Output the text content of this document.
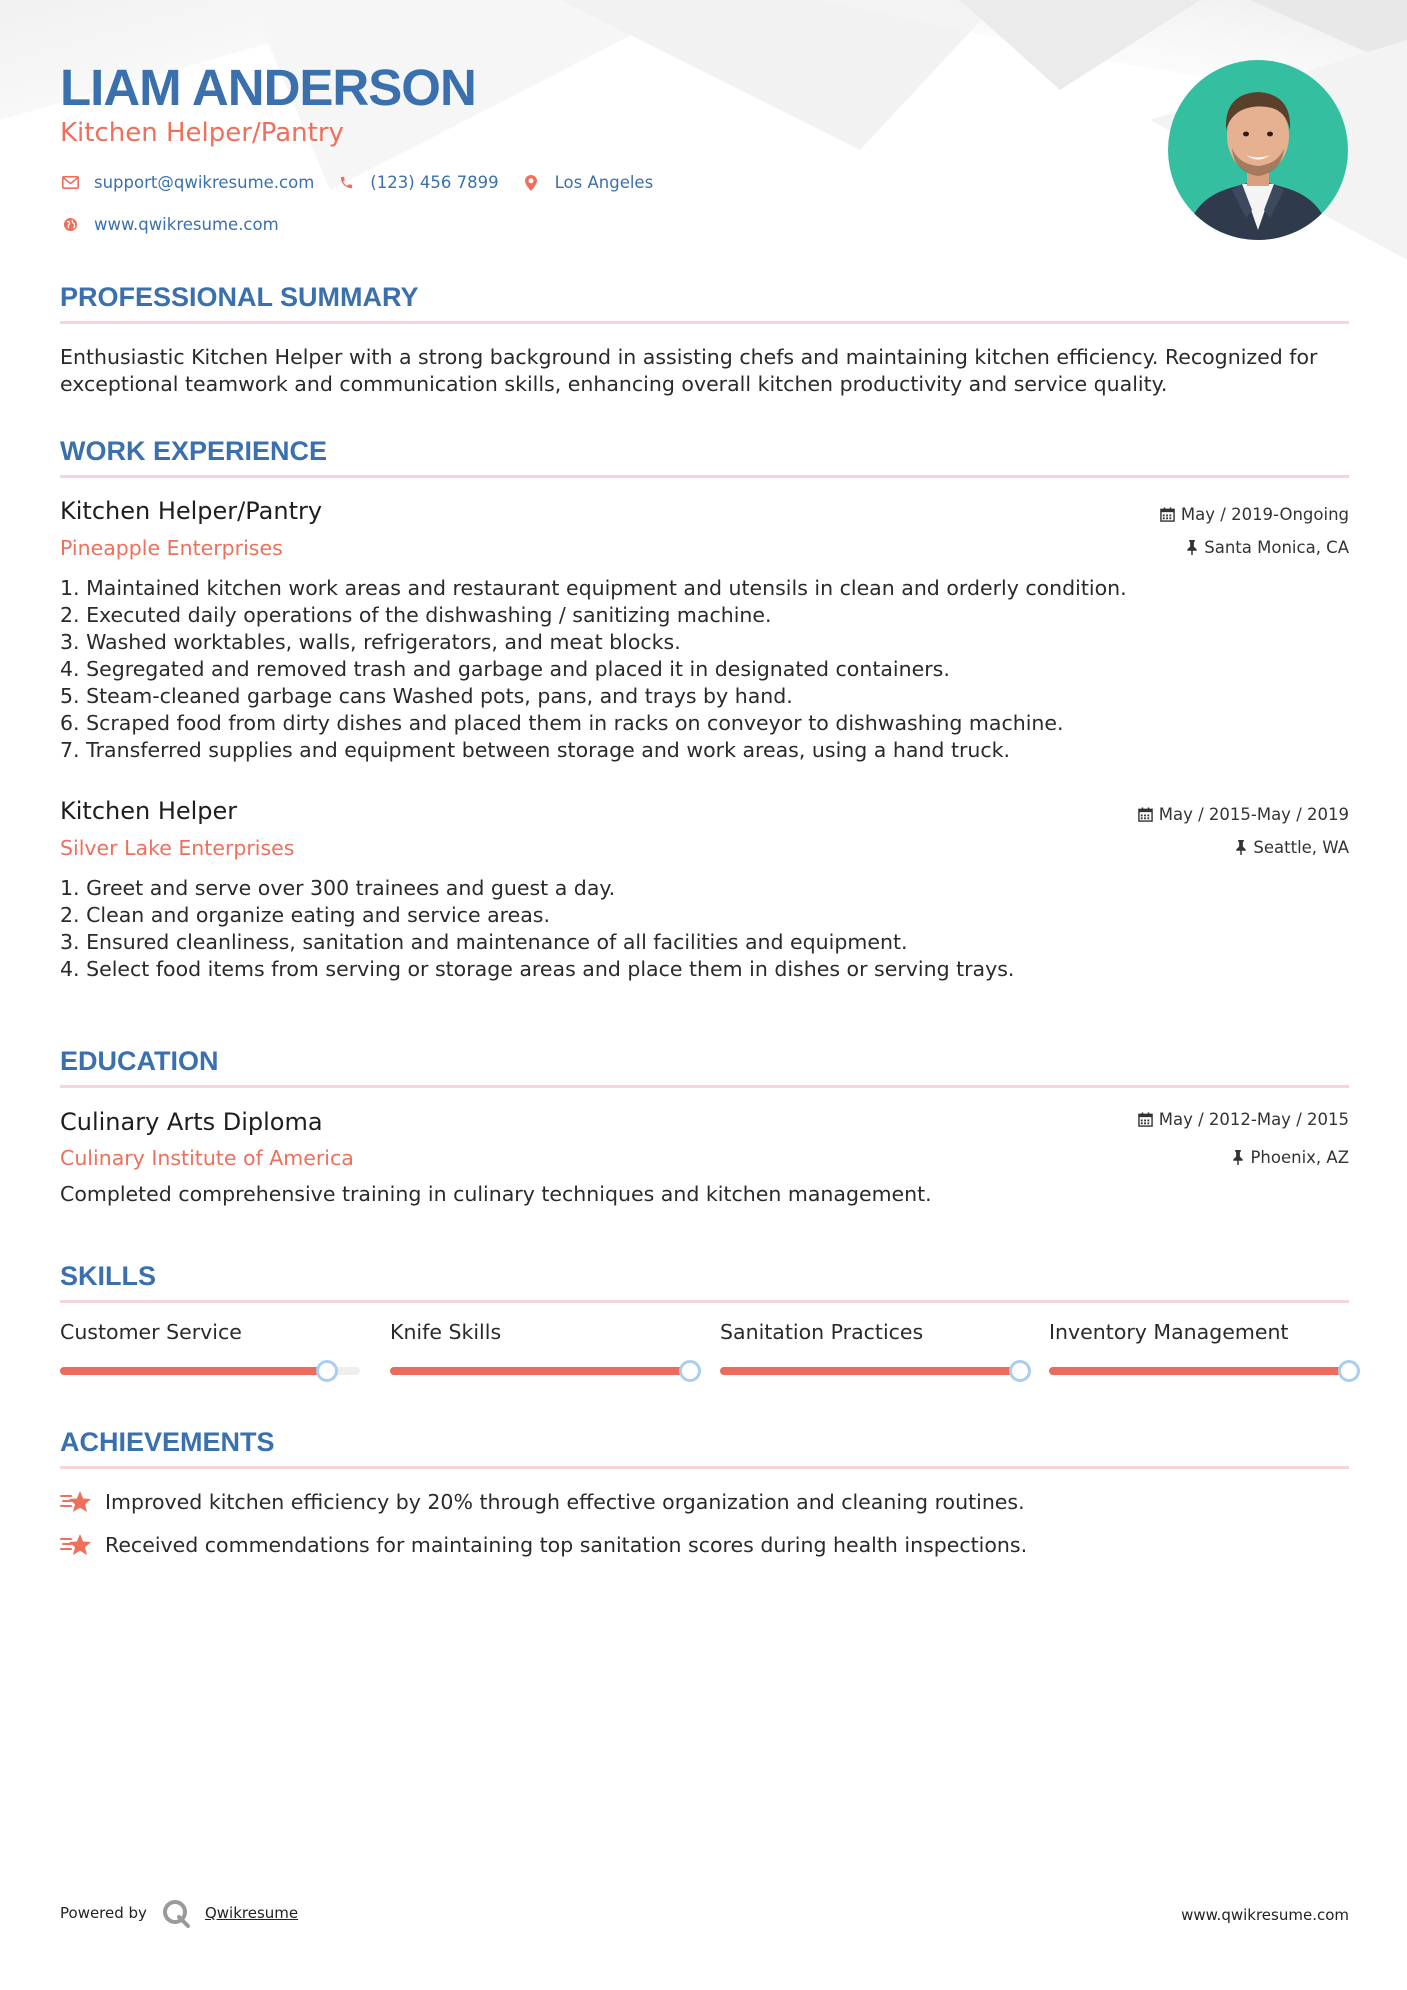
LIAM ANDERSON
Kitchen Helper/Pantry
support@qwikresume.com	(123) 456 7899	Los Angeles
www.qwikresume.com
PROFESSIONAL SUMMARY
Enthusiastic Kitchen Helper with a strong background in assisting chefs and maintaining kitchen efficiency. Recognized for
exceptional teamwork and communication skills, enhancing overall kitchen productivity and service quality.
WORK EXPERIENCE
Kitchen Helper/Pantry	May / 2019-Ongoing
Pineapple Enterprises	Santa Monica, CA
1. Maintained kitchen work areas and restaurant equipment and utensils in clean and orderly condition.
2. Executed daily operations of the dishwashing / sanitizing machine.
3. Washed worktables, walls, refrigerators, and meat blocks.
4. Segregated and removed trash and garbage and placed it in designated containers.
5. Steam-cleaned garbage cans Washed pots, pans, and trays by hand.
6. Scraped food from dirty dishes and placed them in racks on conveyor to dishwashing machine.
7. Transferred supplies and equipment between storage and work areas, using a hand truck.
Kitchen Helper	May / 2015-May / 2019
Silver Lake Enterprises	Seattle, WA
1. Greet and serve over 300 trainees and guest a day.
2. Clean and organize eating and service areas.
3. Ensured cleanliness, sanitation and maintenance of all facilities and equipment.
4. Select food items from serving or storage areas and place them in dishes or serving trays.
EDUCATION
Culinary Arts Diploma	May / 2012-May / 2015
Culinary Institute of America	Phoenix, AZ
Completed comprehensive training in culinary techniques and kitchen management.
SKILLS
Customer Service	Knife Skills	Sanitation Practices	Inventory Management
ACHIEVEMENTS
Improved kitchen efficiency by 20% through effective organization and cleaning routines.
Received commendations for maintaining top sanitation scores during health inspections.
Powered by	Qwikresume	www.qwikresume.com
